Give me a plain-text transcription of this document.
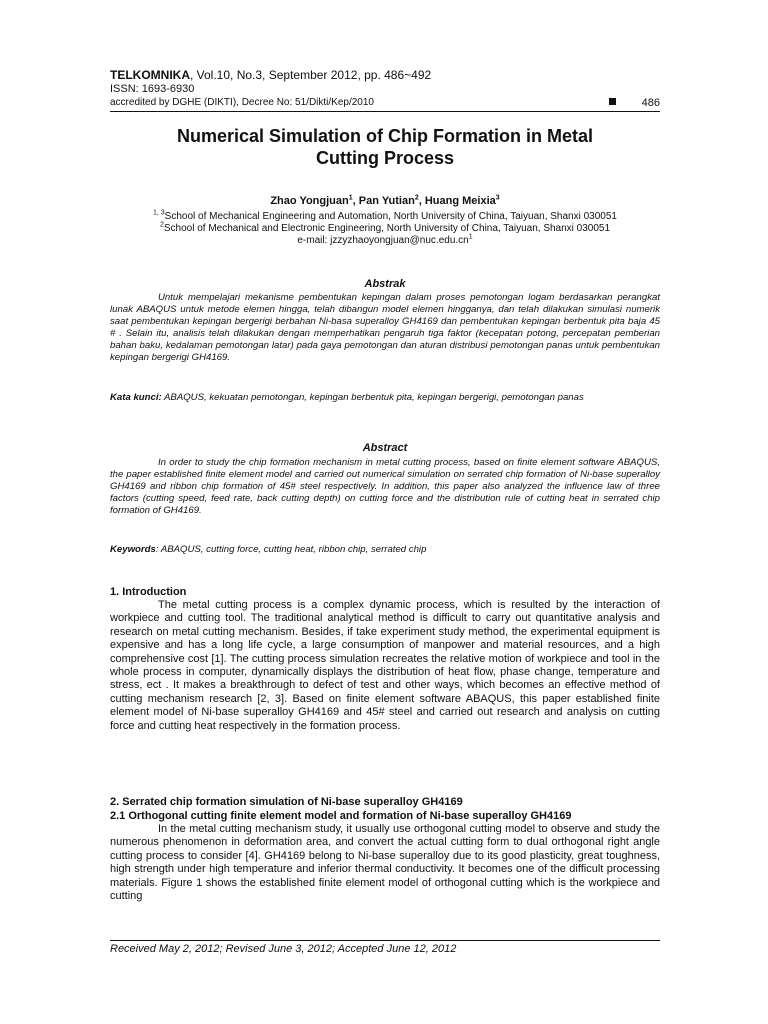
TELKOMNIKA, Vol.10, No.3, September 2012, pp. 486~492
ISSN: 1693-6930
accredited by DGHE (DIKTI), Decree No: 51/Dikti/Kep/2010	486
Numerical Simulation of Chip Formation in Metal
Cutting Process
Zhao Yongjuan$^1$, Pan Yutian$^2$, Huang Meixia$^3$
$^{1, 3}$School of Mechanical Engineering and Automation, North University of China, Taiyuan, Shanxi 030051
$^2$School of Mechanical and Electronic Engineering, North University of China, Taiyuan, Shanxi 030051
e-mail: $jzzyzhaoyongjuan@nuc.edu.cn^1$
Abstrak
Untuk mempelajari mekanisme pembentukan kepingan dalam proses pemotongan logam berdasarkan perangkat lunak ABAQUS untuk metode elemen hingga, telah dibangun model elemen hingganya, dan telah dilakukan simulasi numerik saat pembentukan kepingan bergerigi berbahan Ni-basa superalloy GH4169 dan pembentukan kepingan berbentuk pita baja 45 # . Selain itu, analisis telah dilakukan dengan memperhatikan pengaruh tiga faktor (kecepatan potong, percepatan pemberian bahan baku, kedalaman pemotongan latar) pada gaya pemotongan dan aturan distribusi pemotongan panas untuk pembentukan kepingan bergerigi GH4169.
Kata kunci: ABAQUS, kekuatan pemotongan, kepingan berbentuk pita, kepingan bergerigi, pemotongan panas
Abstract
In order to study the chip formation mechanism in metal cutting process, based on finite element software ABAQUS, the paper established finite element model and carried out numerical simulation on serrated chip formation of Ni-base superalloy GH4169 and ribbon chip formation of 45# steel respectively. In addition, this paper also analyzed the influence law of three factors (cutting speed, feed rate, back cutting depth) on cutting force and the distribution rule of cutting heat in serrated chip formation of GH4169.
Keywords: ABAQUS, cutting force, cutting heat, ribbon chip, serrated chip
1. Introduction
The metal cutting process is a complex dynamic process, which is resulted by the interaction of workpiece and cutting tool. The traditional analytical method is difficult to carry out quantitative analysis and research on metal cutting mechanism. Besides, if take experiment study method, the experimental equipment is expensive and has a long life cycle, a large consumption of manpower and material resources, and a high comprehensive cost [1]. The cutting process simulation recreates the relative motion of workpiece and tool in the whole process in computer, dynamically displays the distribution of heat flow, phase change, temperature and stress, ect . It makes a breakthrough to defect of test and other ways, which becomes an effective method of cutting mechanism research [2, 3]. Based on finite element software ABAQUS, this paper established finite element model of Ni-base superalloy GH4169 and 45# steel and carried out research and analysis on cutting force and cutting heat respectively in the formation process.
2. Serrated chip formation simulation of Ni-base superalloy GH4169
2.1 Orthogonal cutting finite element model and formation of Ni-base superalloy GH4169
In the metal cutting mechanism study, it usually use orthogonal cutting model to observe and study the numerous phenomenon in deformation area, and convert the actual cutting form to dual orthogonal right angle cutting process to consider [4]. GH4169 belong to Ni-base superalloy due to its good plasticity, great toughness, high strength under high temperature and inferior thermal conductivity. It becomes one of the difficult processing materials. Figure 1 shows the established finite element model of orthogonal cutting which is the workpiece and cutting
Received May 2, 2012; Revised June 3, 2012; Accepted June 12, 2012
